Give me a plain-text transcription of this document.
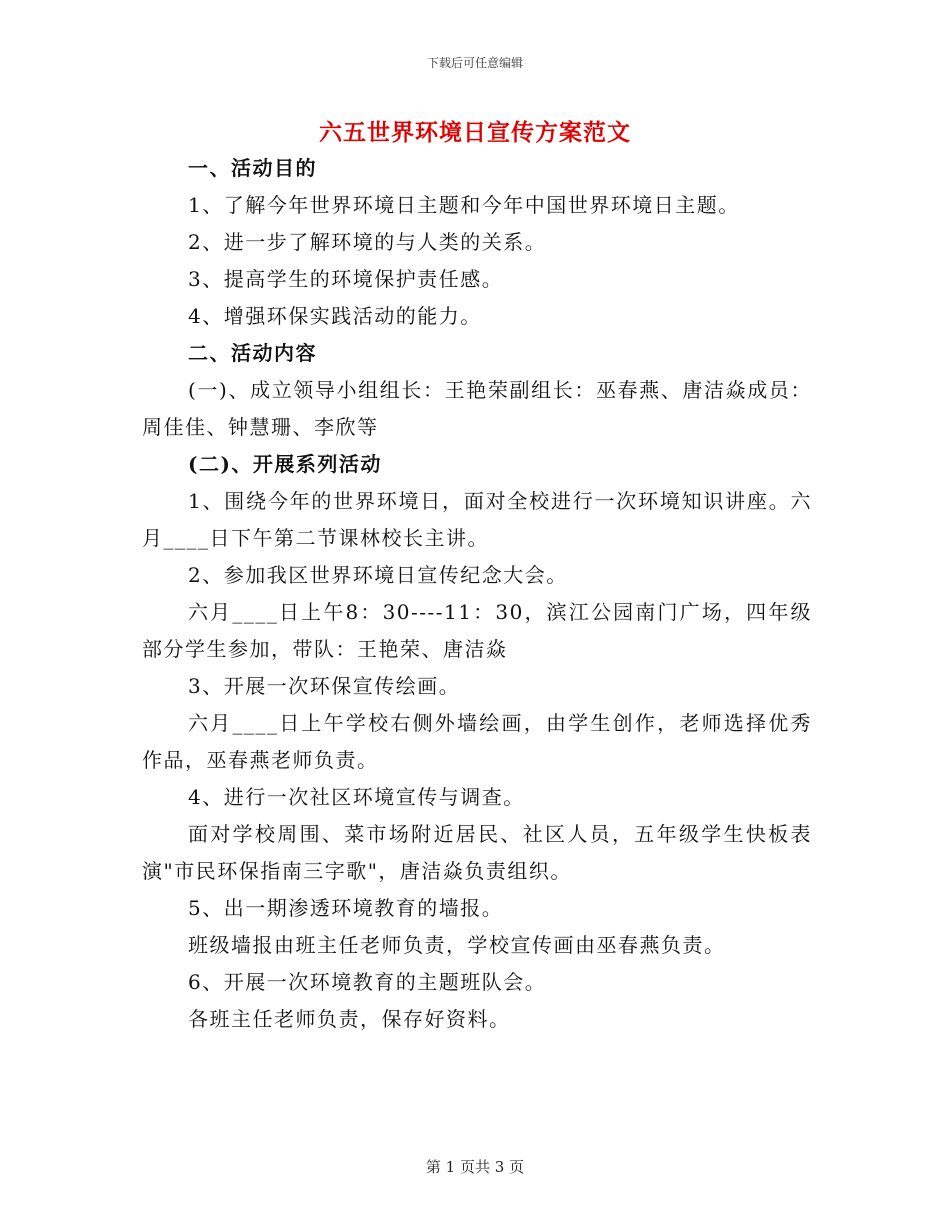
下载后可任意编辑
六五世界环境日宣传方案范文

一、活动目的

1、了解今年世界环境日主题和今年中国世界环境日主题。

2、进一步了解环境的与人类的关系。

3、提高学生的环境保护责任感。

4、增强环保实践活动的能力。

二、活动内容

(一)、成立领导小组组长：王艳荣副组长：巫春燕、唐洁焱成员：周佳佳、钟慧珊、李欣等

(二)、开展系列活动

1、围绕今年的世界环境日，面对全校进行一次环境知识讲座。六月____日下午第二节课林校长主讲。

2、参加我区世界环境日宣传纪念大会。

六月____日上午8：30----11：30，滨江公园南门广场，四年级部分学生参加，带队：王艳荣、唐洁焱

3、开展一次环保宣传绘画。

六月____日上午学校右侧外墙绘画，由学生创作，老师选择优秀作品，巫春燕老师负责。

4、进行一次社区环境宣传与调查。

面对学校周围、菜市场附近居民、社区人员，五年级学生快板表演"市民环保指南三字歌"，唐洁焱负责组织。

5、出一期渗透环境教育的墙报。

班级墙报由班主任老师负责，学校宣传画由巫春燕负责。

6、开展一次环境教育的主题班队会。

各班主任老师负责，保存好资料。

第 1 页共 3 页
